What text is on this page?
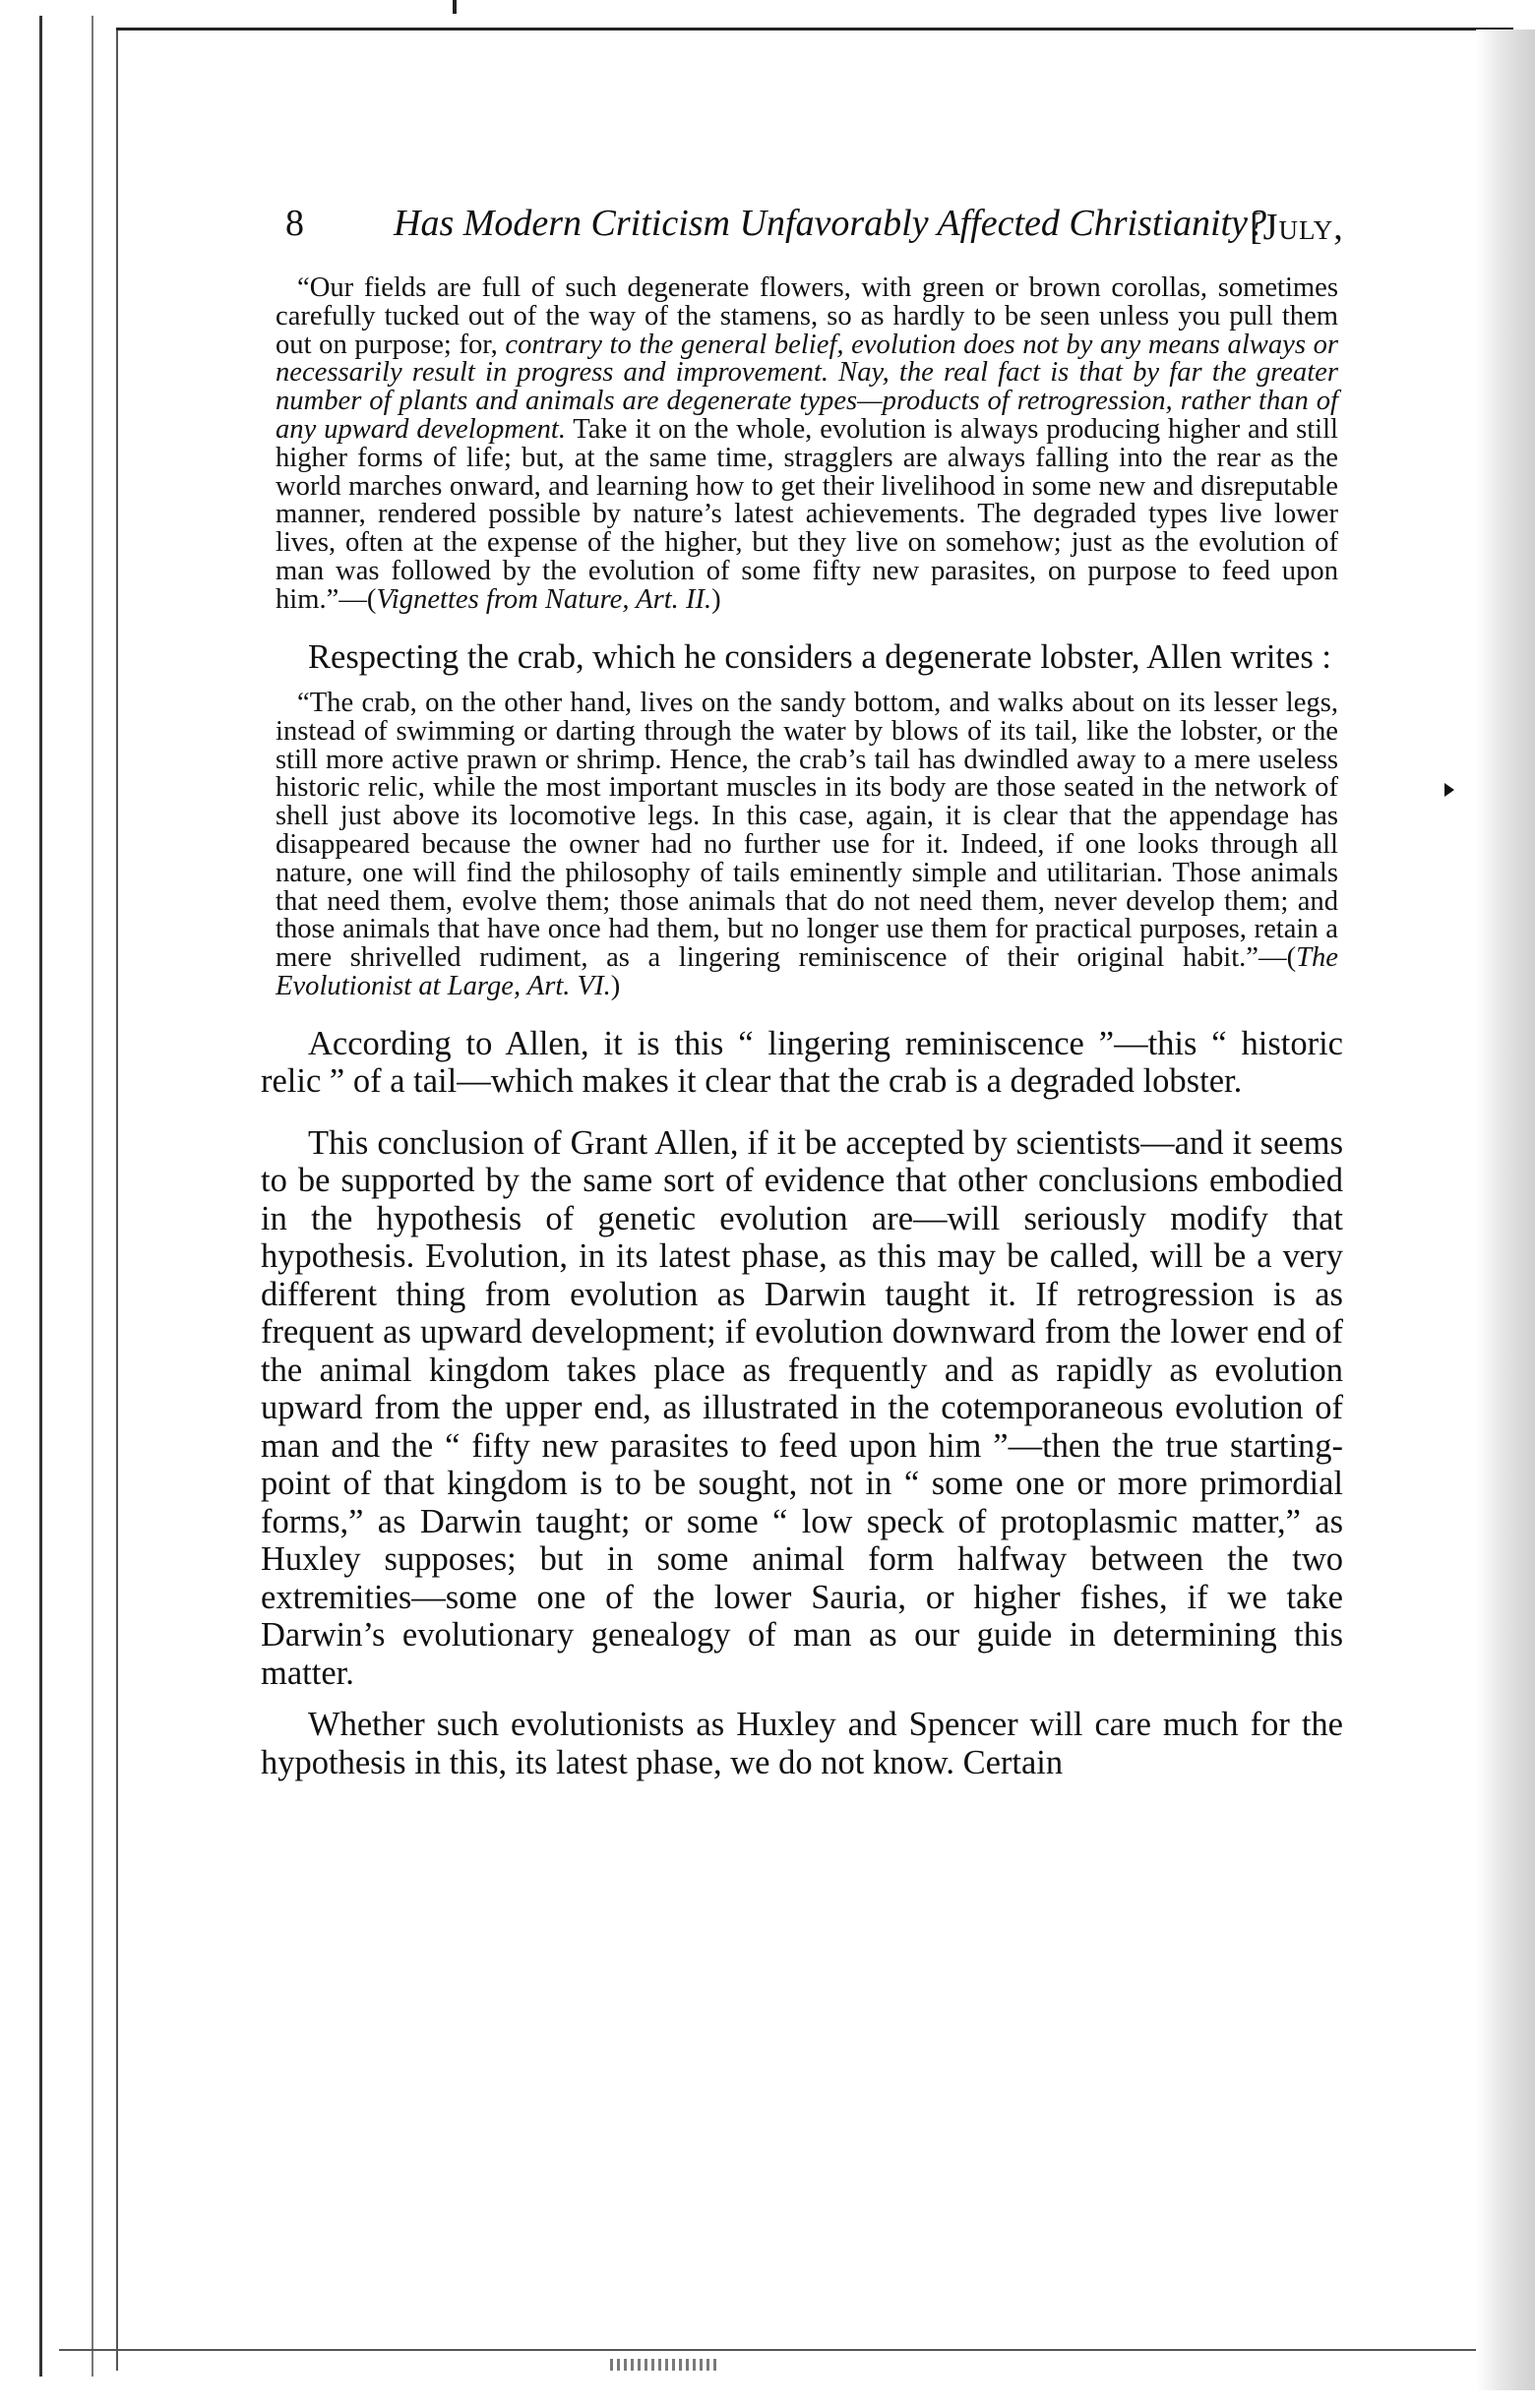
8 Has Modern Criticism Unfavorably Affected Christianity?
[July,

“Our fields are full of such degenerate flowers, with green or brown corollas, sometimes carefully tucked out of the way of the stamens, so as hardly to be seen unless you pull them out on purpose; for, contrary to the general belief, evolution does not by any means always or necessarily result in progress and improvement. Nay, the real fact is that by far the greater number of plants and animals are degenerate types—products of retrogression, rather than of any upward development. Take it on the whole, evolution is always producing higher and still higher forms of life; but, at the same time, stragglers are always falling into the rear as the world marches onward, and learning how to get their livelihood in some new and disreputable manner, rendered possible by nature’s latest achievements. The degraded types live lower lives, often at the expense of the higher, but they live on somehow; just as the evolution of man was followed by the evolution of some fifty new parasites, on purpose to feed upon him.”—(Vignettes from Nature, Art. II.)

Respecting the crab, which he considers a degenerate lobster, Allen writes :

“The crab, on the other hand, lives on the sandy bottom, and walks about on its lesser legs, instead of swimming or darting through the water by blows of its tail, like the lobster, or the still more active prawn or shrimp. Hence, the crab’s tail has dwindled away to a mere useless historic relic, while the most important muscles in its body are those seated in the network of shell just above its locomotive legs. In this case, again, it is clear that the appendage has disappeared because the owner had no further use for it. Indeed, if one looks through all nature, one will find the philosophy of tails eminently simple and utilitarian. Those animals that need them, evolve them; those animals that do not need them, never develop them; and those animals that have once had them, but no longer use them for practical purposes, retain a mere shrivelled rudiment, as a lingering reminiscence of their original habit.”—(The Evolutionist at Large, Art. VI.)

According to Allen, it is this “ lingering reminiscence ”—this “ historic relic ” of a tail—which makes it clear that the crab is a degraded lobster.

This conclusion of Grant Allen, if it be accepted by scientists—and it seems to be supported by the same sort of evidence that other conclusions embodied in the hypothesis of genetic evolution are—will seriously modify that hypothesis. Evolution, in its latest phase, as this may be called, will be a very different thing from evolution as Darwin taught it. If retrogression is as frequent as upward development; if evolution downward from the lower end of the animal kingdom takes place as frequently and as rapidly as evolution upward from the upper end, as illustrated in the cotemporaneous evolution of man and the “ fifty new parasites to feed upon him ”—then the true starting-point of that kingdom is to be sought, not in “ some one or more primordial forms,” as Darwin taught; or some “ low speck of protoplasmic matter,” as Huxley supposes; but in some animal form halfway between the two extremities—some one of the lower Sauria, or higher fishes, if we take Darwin’s evolutionary genealogy of man as our guide in determining this matter.

Whether such evolutionists as Huxley and Spencer will care much for the hypothesis in this, its latest phase, we do not know. Certain
